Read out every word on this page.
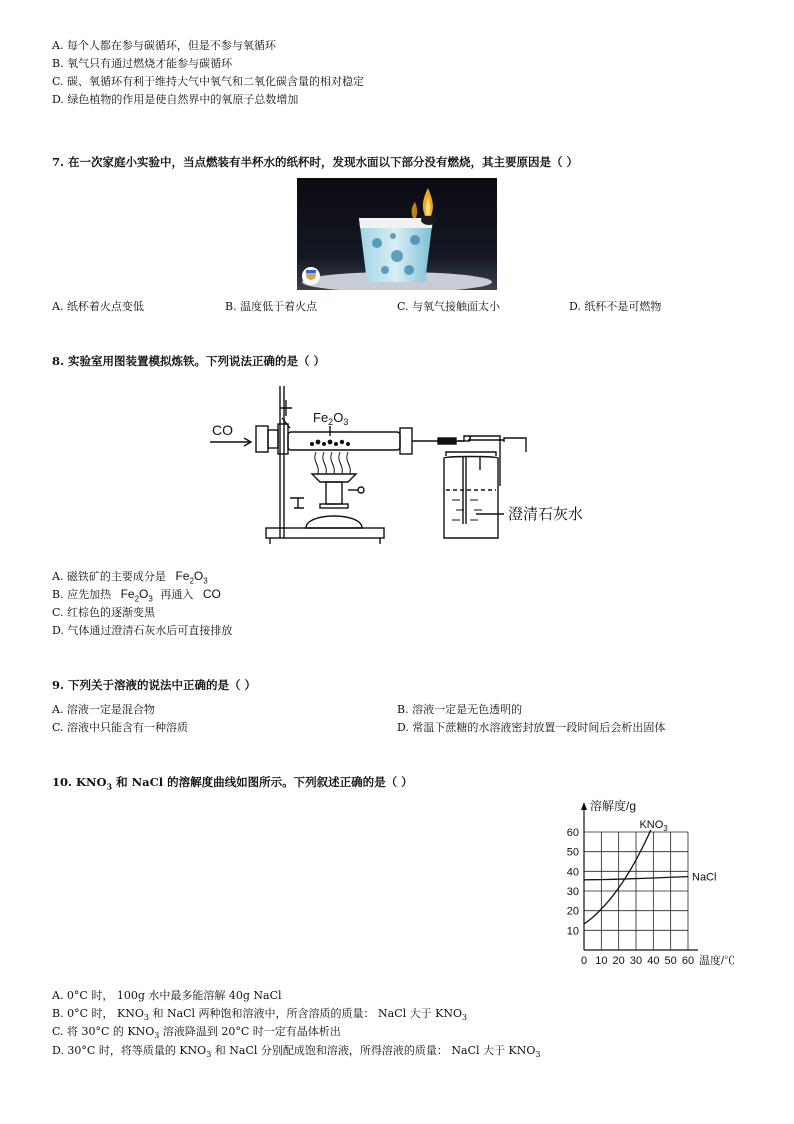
A. 每个人都在参与碳循环，但是不参与氧循环
B. 氧气只有通过燃烧才能参与碳循环
C. 碳、氧循环有利于维持大气中氧气和二氧化碳含量的相对稳定
D. 绿色植物的作用是使自然界中的氧原子总数增加
7. 在一次家庭小实验中，当点燃装有半杯水的纸杯时，发现水面以下部分没有燃烧，其主要原因是（ ）
A. 纸杯着火点变低	B. 温度低于着火点	C. 与氧气接触面太小	D. 纸杯不是可燃物
8. 实验室用图装置模拟炼铁。下列说法正确的是（ ）
CO
$Fe_2O_3$
澄清石灰水
A. 磁铁矿的主要成分是 $Fe_2O_3$
B. 应先加热 $Fe_2O_3$ 再通入 CO
C. 红棕色的逐渐变黑
D. 气体通过澄清石灰水后可直接排放
9. 下列关于溶液的说法中正确的是（ ）
A. 溶液一定是混合物	B. 溶液一定是无色透明的
C. 溶液中只能含有一种溶质	D. 常温下蔗糖的水溶液密封放置一段时间后会析出固体
10. $KNO_3$ 和 NaCl 的溶解度曲线如图所示。下列叙述正确的是（ ）
0 10 20 30 40 50 60
10
20
30
40
50
60
溶解度/g
温度/℃
$KNO_3$
NaCl
A. 0°C 时， 100g 水中最多能溶解 40g NaCl
B. 0°C 时， $KNO_3$ 和 NaCl 两种饱和溶液中，所含溶质的质量： NaCl 大于 $KNO_3$
C. 将 30°C 的 $KNO_3$ 溶液降温到 20°C 时一定有晶体析出
D. 30°C 时，将等质量的 $KNO_3$ 和 NaCl 分别配成饱和溶液，所得溶液的质量： NaCl 大于 $KNO_3$
